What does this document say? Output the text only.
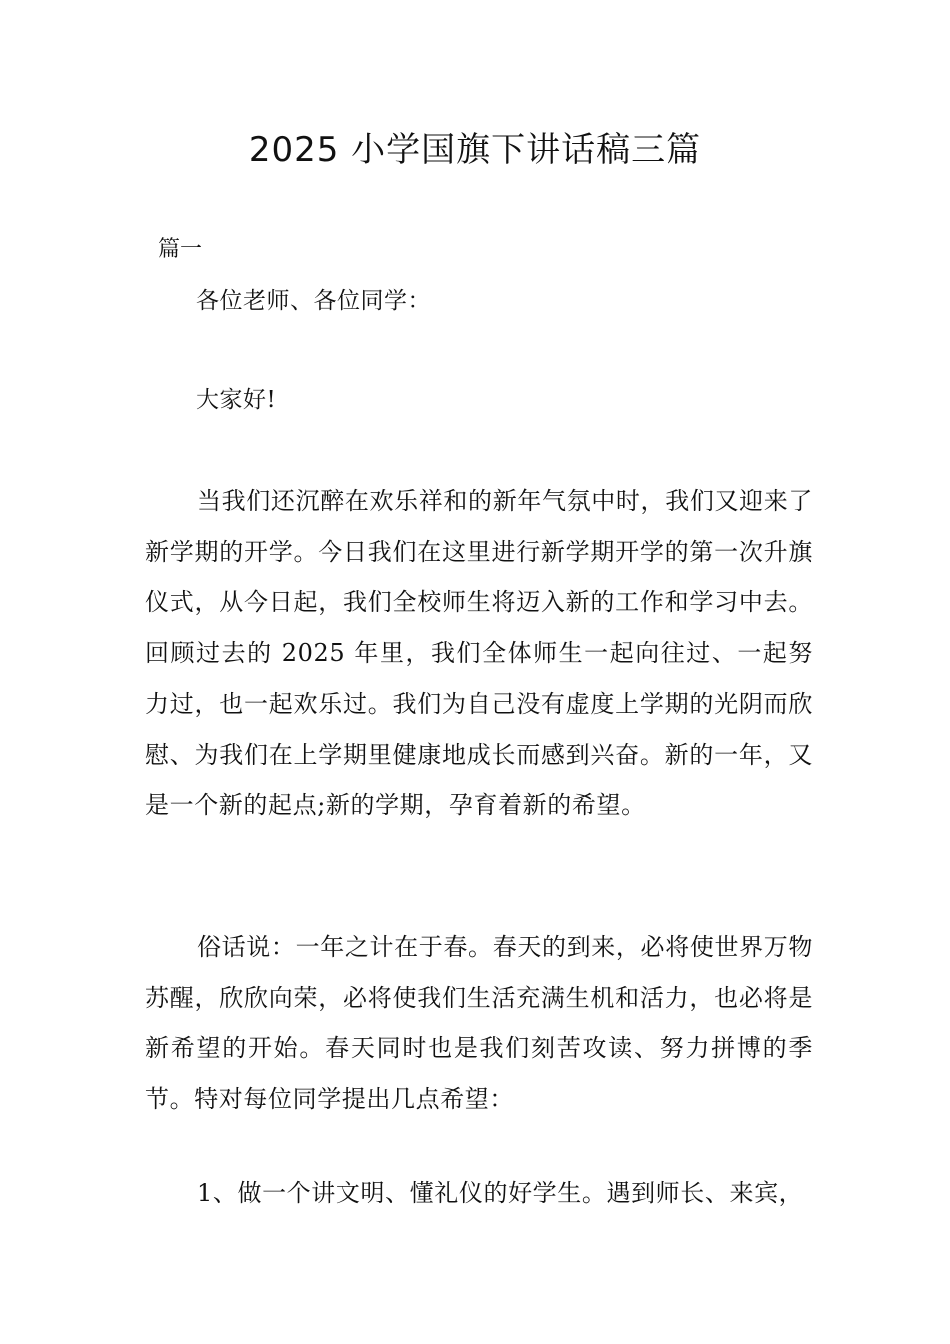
2025 小学国旗下讲话稿三篇
篇一
各位老师、各位同学：
大家好!

当我们还沉醉在欢乐祥和的新年气氛中时，我们又迎来了新学期的开学。今日我们在这里进行新学期开学的第一次升旗仪式，从今日起，我们全校师生将迈入新的工作和学习中去。回顾过去的 2025 年里，我们全体师生一起向往过、一起努力过，也一起欢乐过。我们为自己没有虚度上学期的光阴而欣慰、为我们在上学期里健康地成长而感到兴奋。新的一年，又是一个新的起点;新的学期，孕育着新的希望。

俗话说：一年之计在于春。春天的到来，必将使世界万物苏醒，欣欣向荣，必将使我们生活充满生机和活力，也必将是新希望的开始。春天同时也是我们刻苦攻读、努力拼博的季节。特对每位同学提出几点希望：

1、做一个讲文明、懂礼仪的好学生。遇到师长、来宾，
